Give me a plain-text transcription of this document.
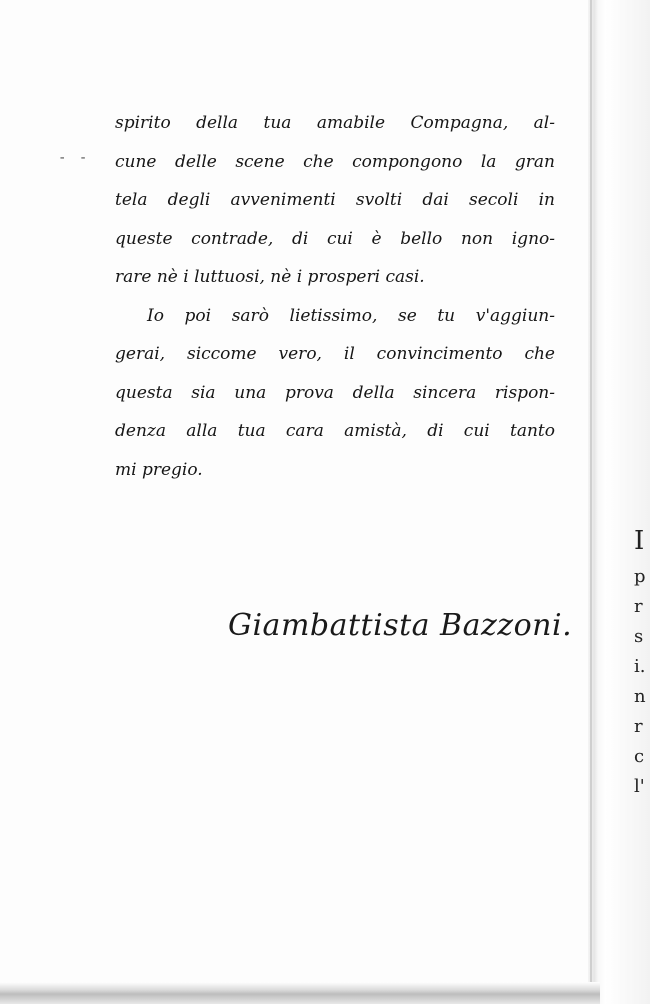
- -
spirito della tua amabile Compagna, al-
cune delle scene che compongono la gran
tela degli avvenimenti svolti dai secoli in
queste contrade, di cui è bello non igno-
rare nè i luttuosi, nè i prosperi casi.
Io poi sarò lietissimo, se tu v'aggiun-
gerai, siccome vero, il convincimento che
questa sia una prova della sincera rispon-
denza alla tua cara amistà, di cui tanto
mi pregio.
Giambattista Bazzoni.
I
p
r
s
i.
n
r
c
l'
